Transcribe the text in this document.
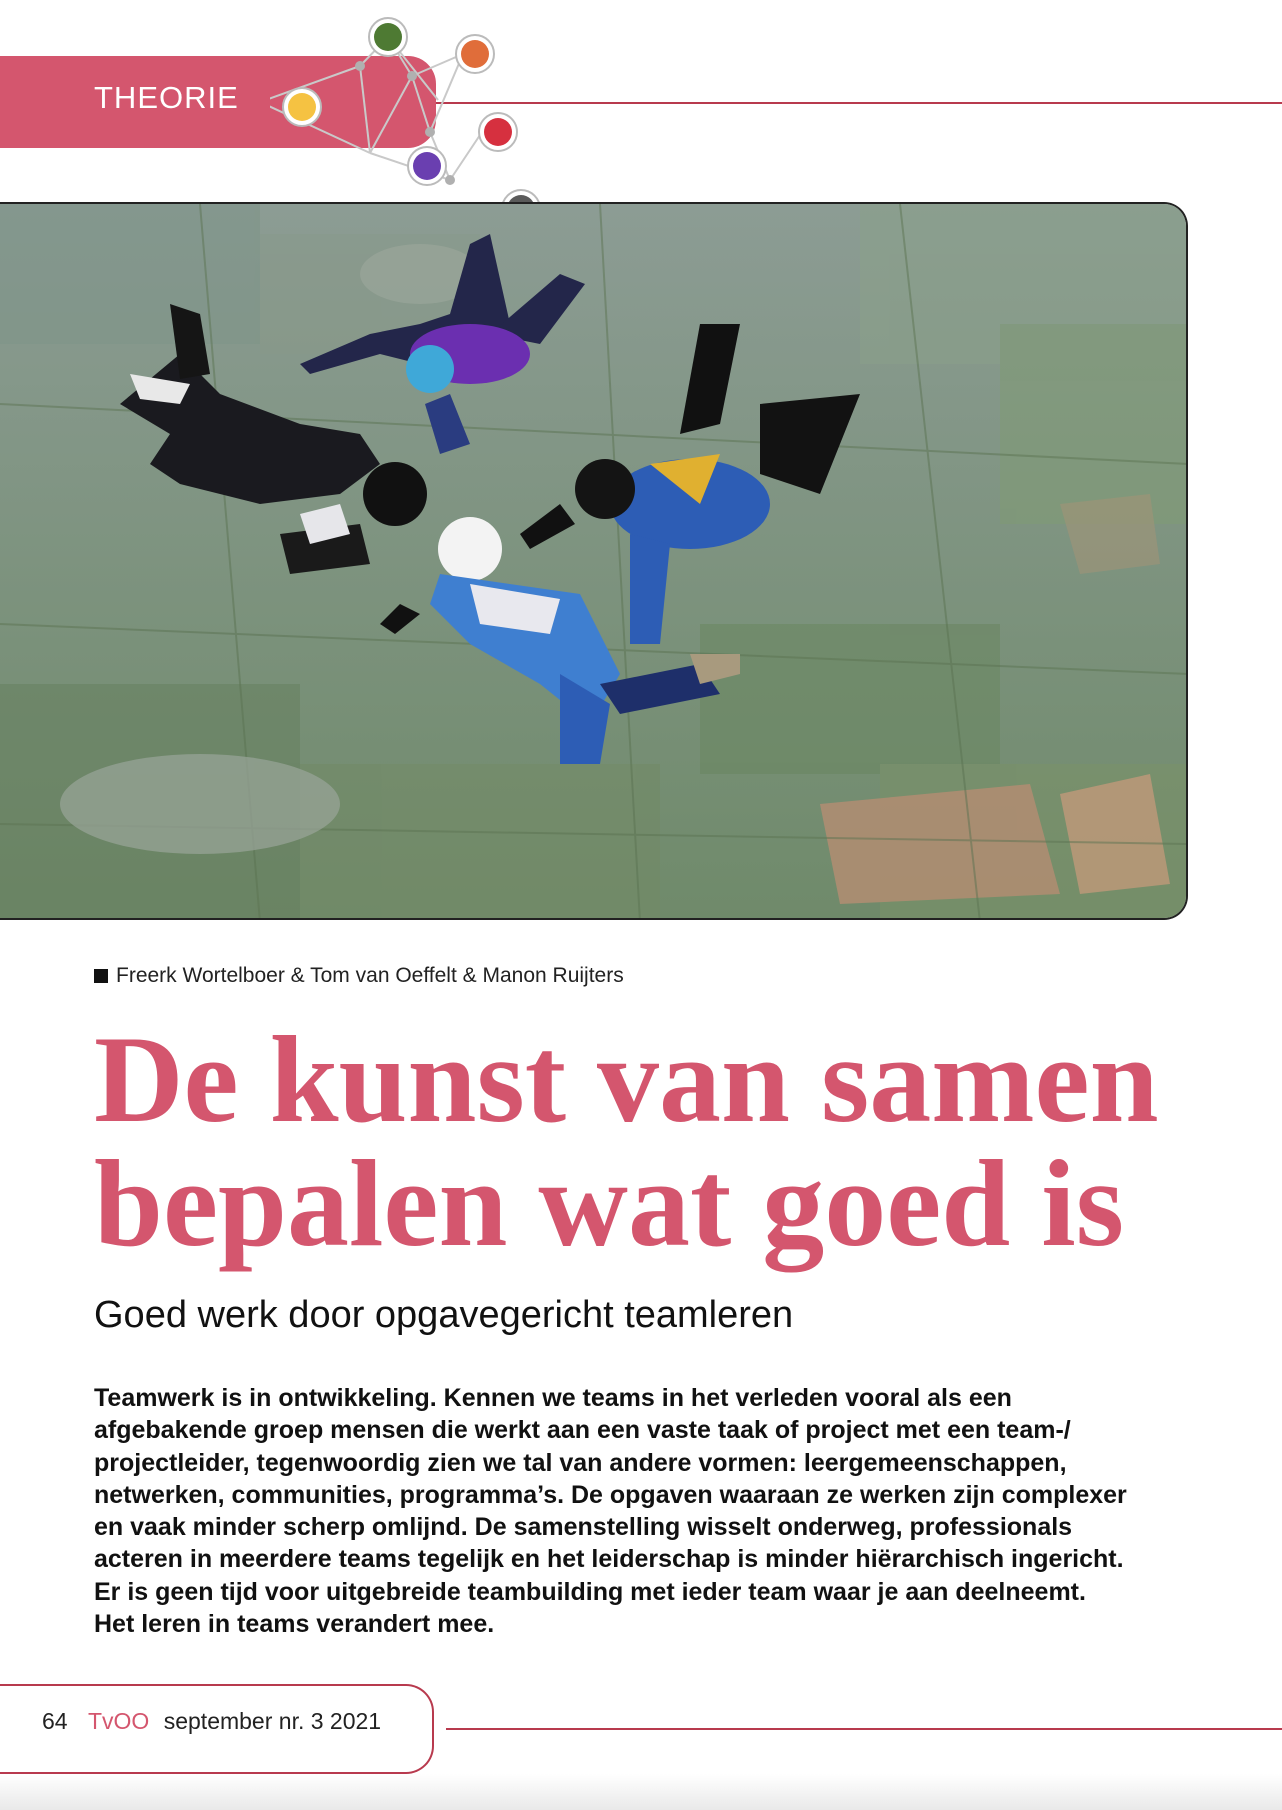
THEORIE
Freerk Wortelboer & Tom van Oeffelt & Manon Ruijters
De kunst van samen
bepalen wat goed is
Goed werk door opgavegericht teamleren
Teamwerk is in ontwikkeling. Kennen we teams in het verleden vooral als een
afgebakende groep mensen die werkt aan een vaste taak of project met een team-/
projectleider, tegenwoordig zien we tal van andere vormen: leergemeenschappen,
netwerken, communities, programma’s. De opgaven waaraan ze werken zijn complexer
en vaak minder scherp omlijnd. De samenstelling wisselt onderweg, professionals
acteren in meerdere teams tegelijk en het leiderschap is minder hiërarchisch ingericht.
Er is geen tijd voor uitgebreide teambuilding met ieder team waar je aan deelneemt.
Het leren in teams verandert mee.
64 TvOO september nr. 3 2021
